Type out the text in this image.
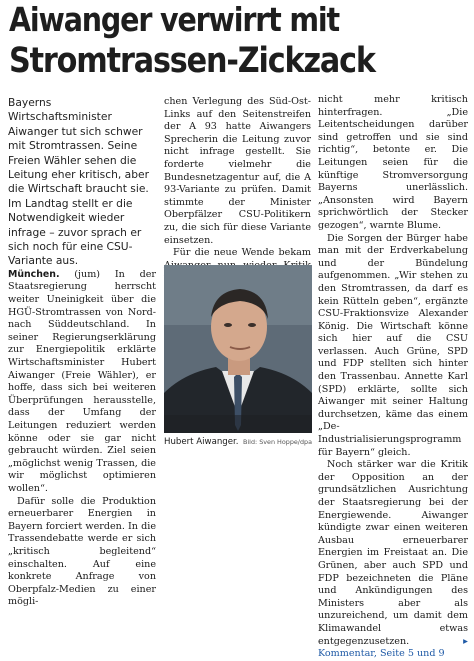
Aiwanger verwirrt mit
Stromtrassen-Zickzack

Bayerns Wirtschaftsminister Aiwanger tut sich schwer mit Stromtrassen. Seine Freien Wähler sehen die Leitung eher kritisch, aber die Wirtschaft braucht sie. Im Landtag stellt er die Notwendigkeit wieder infrage – zuvor sprach er sich noch für eine CSU-Variante aus.

München. (jum) In der Staatsregierung herrscht weiter Uneinigkeit über die HGÜ-Stromtrassen von Nord- nach Süddeutschland. In seiner Regierungserklärung zur Energiepolitik erklärte Wirtschaftsminister Hubert Aiwanger (Freie Wähler), er hoffe, dass sich bei weiteren Überprüfungen herausstelle, dass der Umfang der Leitungen reduziert werden könne oder sie gar nicht gebraucht würden. Ziel seien „möglichst wenig Trassen, die wir möglichst optimieren wollen“.

Dafür solle die Produktion erneuerbarer Energien in Bayern forciert werden. In die Trassendebatte werde er sich „kritisch begleitend“ einschalten. Auf eine konkrete Anfrage von Oberpfalz-Medien zu einer mögli-

chen Verlegung des Süd-Ost-Links auf den Seitenstreifen der A 93 hatte Aiwangers Sprecherin die Leitung zuvor nicht infrage gestellt. Sie forderte vielmehr die Bundesnetzagentur auf, die A 93-Variante zu prüfen. Damit stimmte der Minister Oberpfälzer CSU-Politikern zu, die sich für diese Variante einsetzen.

Für die neue Wende bekam

Hubert Aiwanger. Bild: Sven Hoppe/dpa

nicht mehr kritisch hinterfragen. „Die Leitentscheidungen darüber sind getroffen und sie sind richtig“, betonte er. Die Leitungen seien für die künftige Stromversorgung Bayerns unerlässlich. „Ansonsten wird Bayern sprichwörtlich der Stecker gezogen“, warnte Blume.

Die Sorgen der Bürger habe man mit der Erdverkabelung und der Bündelung aufgenommen. „Wir stehen zu den Stromtrassen, da darf es kein Rütteln geben“, ergänzte CSU-Fraktionsvize Alexander König. Die Wirtschaft könne sich hier auf die CSU verlassen. Auch Grüne, SPD und FDP stellten sich hinter den Trassenbau. Annette Karl (SPD) erklärte, sollte sich Aiwanger mit seiner Haltung durchsetzen, käme das einem „De-Industrialisierungsprogramm für Bayern“ gleich.

Noch stärker war die Kritik der Opposition an der grundsätzlichen Ausrichtung der Staatsregierung bei der Energiewende. Aiwanger kündigte zwar einen weiteren Ausbau erneuerbarer Energien im Freistaat an. Die Grünen, aber auch SPD und FDP bezeichneten die Pläne und Ankündigungen des Ministers aber als unzureichend, um damit dem Klimawandel etwas entgegenzusetzen.	▸ Kommentar, Seite 5 und 9
